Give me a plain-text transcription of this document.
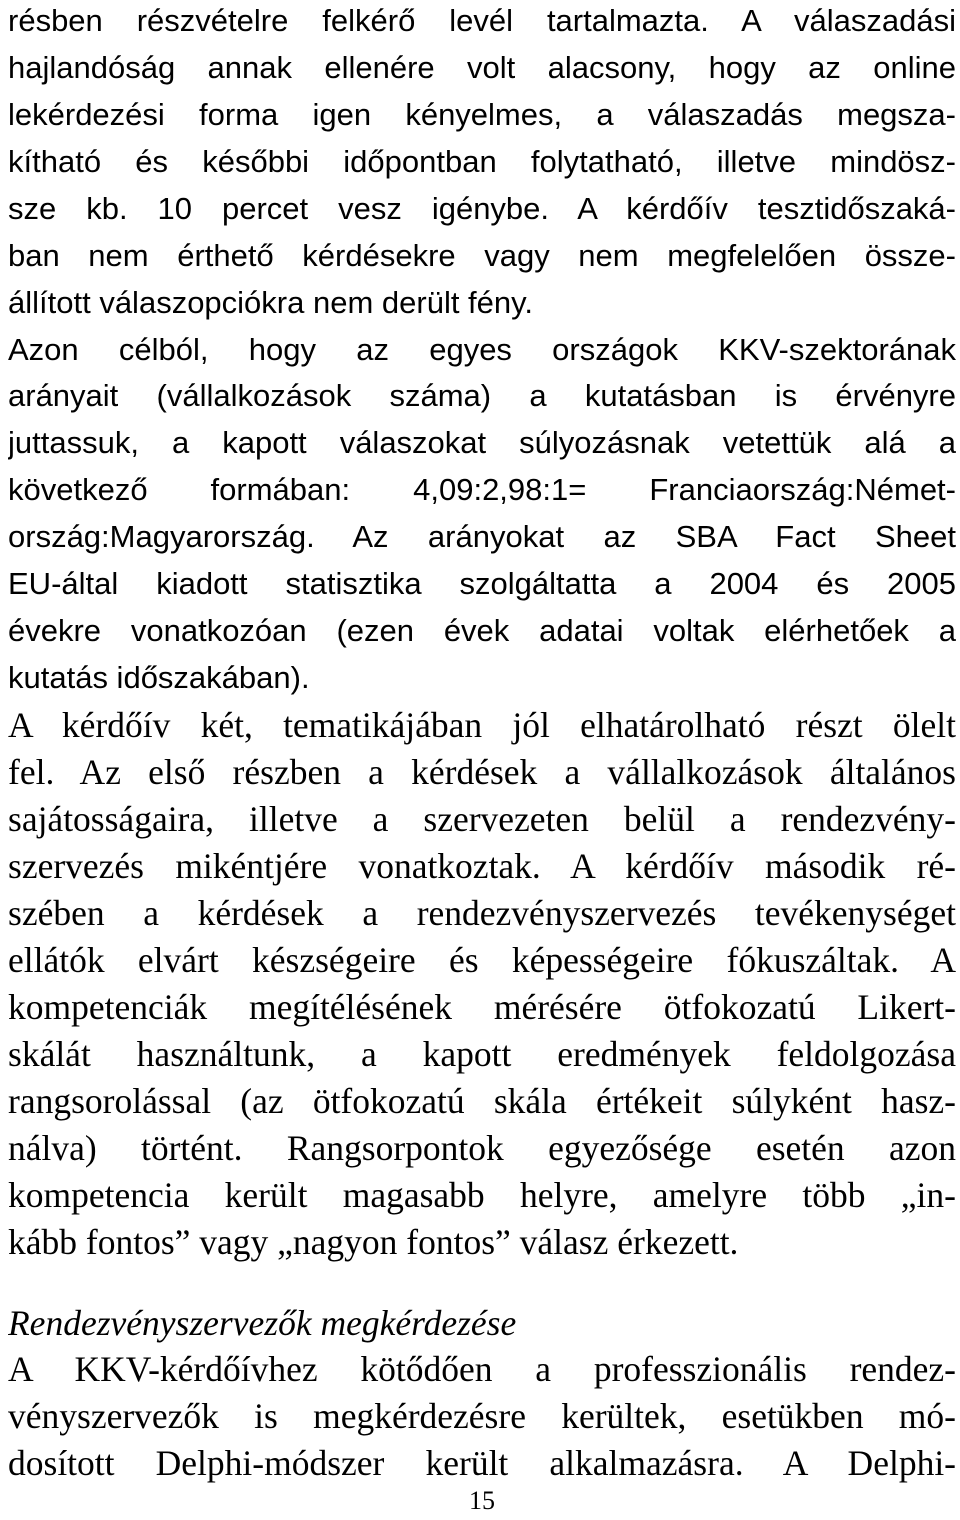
résben részvételre felkérő levél tartalmazta. A válaszadási
hajlandóság annak ellenére volt alacsony, hogy az online
lekérdezési forma igen kényelmes, a válaszadás megsza-
kítható és későbbi időpontban folytatható, illetve mindösz-
sze kb. 10 percet vesz igénybe. A kérdőív tesztidőszaká-
ban nem érthető kérdésekre vagy nem megfelelően össze-
állított válaszopciókra nem derült fény.
Azon célból, hogy az egyes országok KKV-szektorának
arányait (vállalkozások száma) a kutatásban is érvényre
juttassuk, a kapott válaszokat súlyozásnak vetettük alá a
következő formában: 4,09:2,98:1= Franciaország:Német-
ország:Magyarország. Az arányokat az SBA Fact Sheet
EU-által kiadott statisztika szolgáltatta a 2004 és 2005
évekre vonatkozóan (ezen évek adatai voltak elérhetőek a
kutatás időszakában).
A kérdőív két, tematikájában jól elhatárolható részt ölelt
fel. Az első részben a kérdések a vállalkozások általános
sajátosságaira, illetve a szervezeten belül a rendezvény-
szervezés mikéntjére vonatkoztak. A kérdőív második ré-
szében a kérdések a rendezvényszervezés tevékenységet
ellátók elvárt készségeire és képességeire fókuszáltak. A
kompetenciák megítélésének mérésére ötfokozatú Likert-
skálát használtunk, a kapott eredmények feldolgozása
rangsorolással (az ötfokozatú skála értékeit súlyként hasz-
nálva) történt. Rangsorpontok egyezősége esetén azon
kompetencia került magasabb helyre, amelyre több „in-
kább fontos” vagy „nagyon fontos” válasz érkezett.
Rendezvényszervezők megkérdezése
A KKV-kérdőívhez kötődően a professzionális rendez-
vényszervezők is megkérdezésre kerültek, esetükben mó-
dosított Delphi-módszer került alkalmazásra. A Delphi-
15
